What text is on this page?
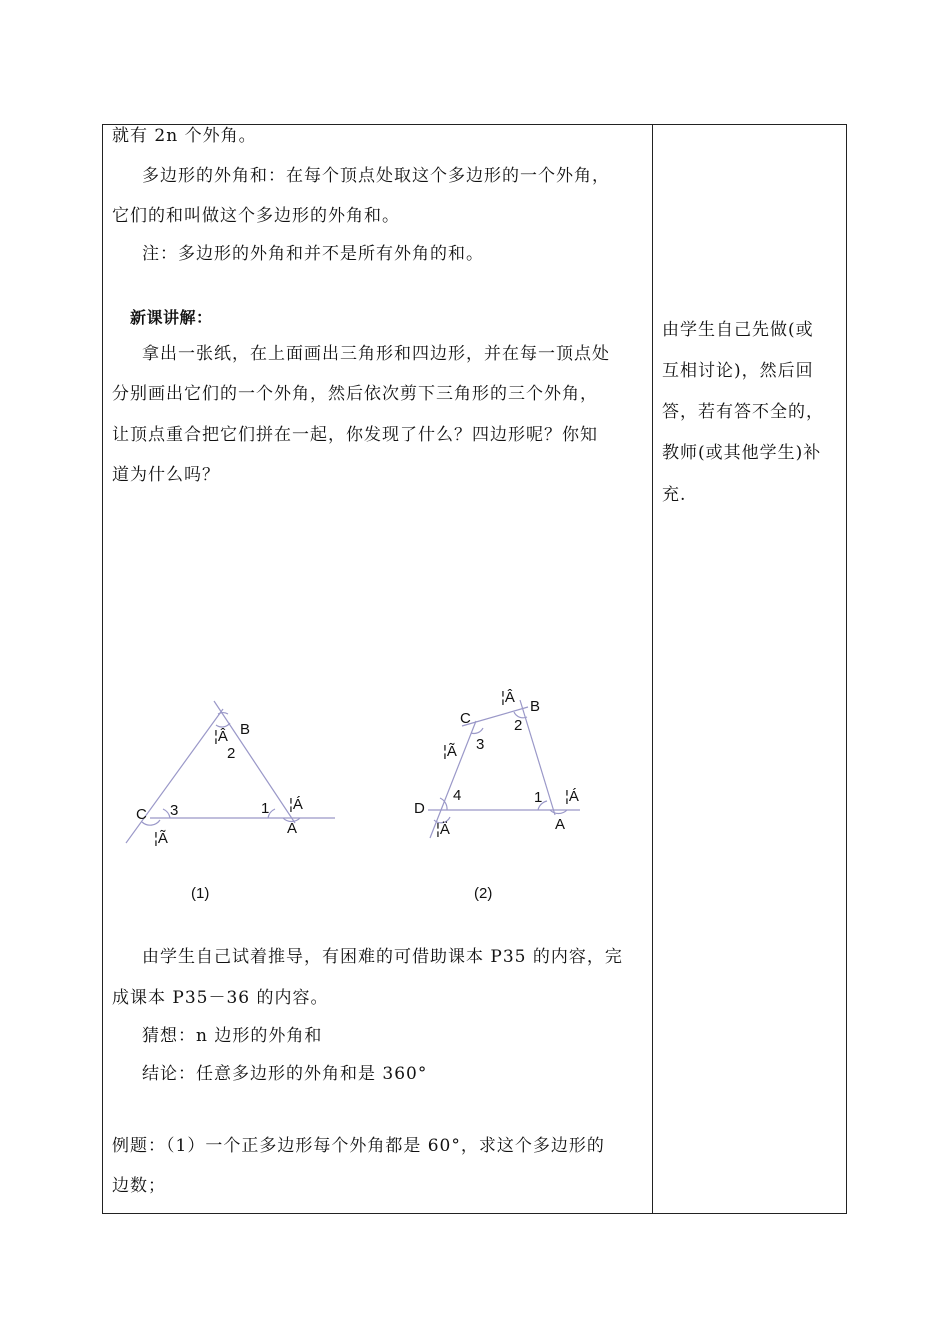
就有 2n 个外角。
多边形的外角和：在每个顶点处取这个多边形的一个外角，
它们的和叫做这个多边形的外角和。
注：多边形的外角和并不是所有外角的和。
新课讲解：
拿出一张纸，在上面画出三角形和四边形，并在每一顶点处
分别画出它们的一个外角，然后依次剪下三角形的三个外角，
让顶点重合把它们拼在一起，你发现了什么？四边形呢？你知
道为什么吗？
B
2
¦Â
C 3
¦Ã
1 ¦Á
A
B
2
¦Â
C
3
¦Ã
D
4
¦Ä
1 ¦Á
A
(1)	(2)
由学生自己试着推导，有困难的可借助课本 P35 的内容，完
成课本 P35－36 的内容。
猜想：n 边形的外角和
结论：任意多边形的外角和是 360°
例题：（1）一个正多边形每个外角都是 60°，求这个多边形的
边数；
由学生自己先做(或
互相讨论)，然后回
答，若有答不全的，
教师(或其他学生)补
充.
